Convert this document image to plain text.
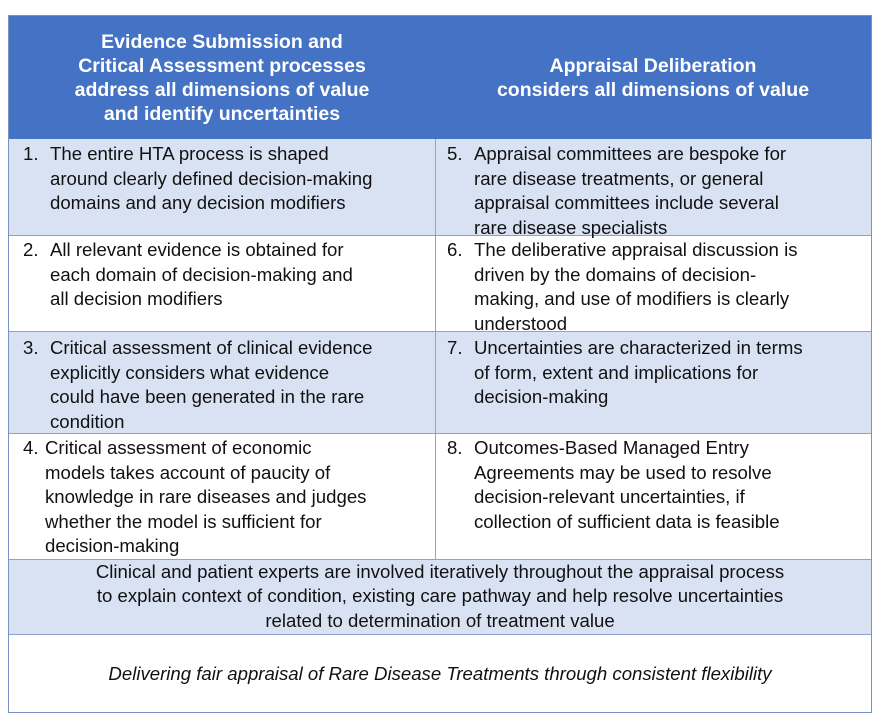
Evidence Submission and
Critical Assessment processes
address all dimensions of value
and identify uncertainties
Appraisal Deliberation
considers all dimensions of value
1. The entire HTA process is shaped
around clearly defined decision-making
domains and any decision modifiers
2. All relevant evidence is obtained for
each domain of decision-making and
all decision modifiers
3. Critical assessment of clinical evidence
explicitly considers what evidence
could have been generated in the rare
condition
4. Critical assessment of economic
models takes account of paucity of
knowledge in rare diseases and judges
whether the model is sufficient for
decision-making
5. Appraisal committees are bespoke for
rare disease treatments, or general
appraisal committees include several
rare disease specialists
6. The deliberative appraisal discussion is
driven by the domains of decision-
making, and use of modifiers is clearly
understood
7. Uncertainties are characterized in terms
of form, extent and implications for
decision-making
8. Outcomes-Based Managed Entry
Agreements may be used to resolve
decision-relevant uncertainties, if
collection of sufficient data is feasible
Clinical and patient experts are involved iteratively throughout the appraisal process
to explain context of condition, existing care pathway and help resolve uncertainties
related to determination of treatment value
Delivering fair appraisal of Rare Disease Treatments through consistent flexibility
